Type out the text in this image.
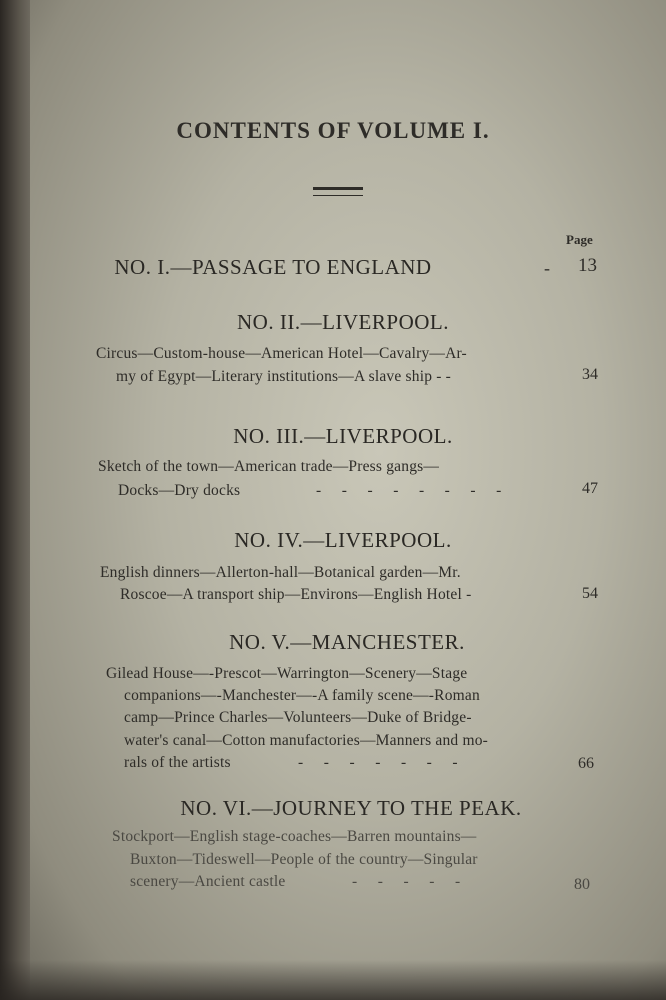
CONTENTS OF VOLUME I.
Page
NO. I.—PASSAGE TO ENGLAND	- 13
NO. II.—LIVERPOOL.
Circus—Custom-house—American Hotel—Cavalry—Ar-
my of Egypt—Literary institutions—A slave ship - -	34
NO. III.—LIVERPOOL.
Sketch of the town—American trade—Press gangs—
Docks—Dry docks	-     -     -     -     -     -     -     -	47
NO. IV.—LIVERPOOL.
English dinners—Allerton-hall—Botanical garden—Mr.
Roscoe—A transport ship—Environs—English Hotel -	54
NO. V.—MANCHESTER.
Gilead House—-Prescot—Warrington—Scenery—Stage
companions—-Manchester—-A family scene—-Roman
camp—Prince Charles—Volunteers—Duke of Bridge-
water's canal—Cotton manufactories—Manners and mo-
rals of the artists	-     -     -     -     -     -     -	66
NO. VI.—JOURNEY TO THE PEAK.
Stockport—English stage-coaches—Barren mountains—
Buxton—Tideswell—People of the country—Singular
scenery—Ancient castle	-     -     -     -     -	80
